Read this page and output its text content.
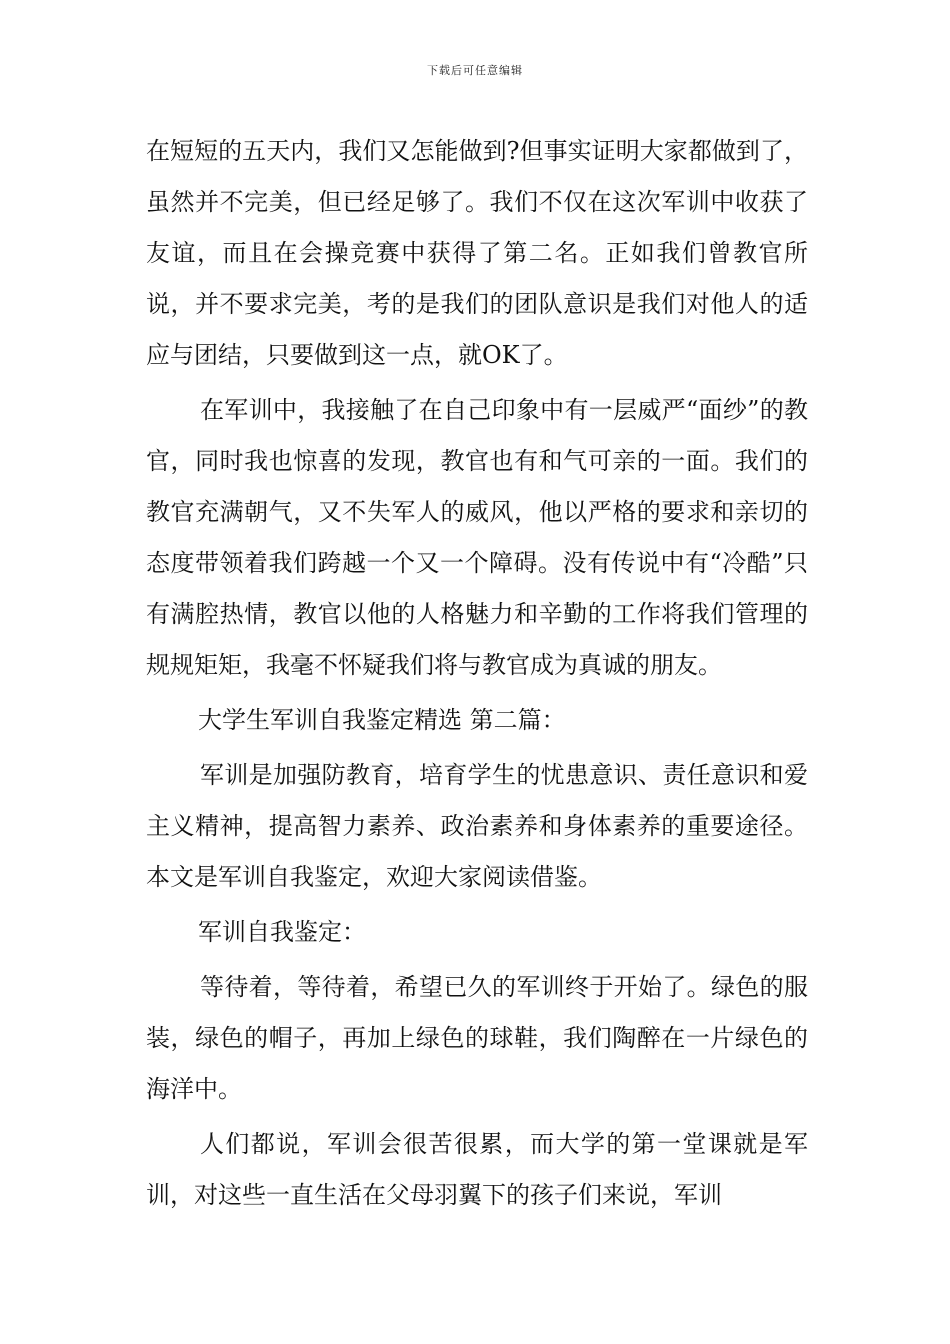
下载后可任意编辑

在短短的五天内，我们又怎能做到?但事实证明大家都做到了，虽然并不完美，但已经足够了。我们不仅在这次军训中收获了友谊，而且在会操竞赛中获得了第二名。正如我们曾教官所说，并不要求完美，考的是我们的团队意识是我们对他人的适应与团结，只要做到这一点，就OK了。

在军训中，我接触了在自己印象中有一层威严“面纱”的教官，同时我也惊喜的发现，教官也有和气可亲的一面。我们的教官充满朝气，又不失军人的威风，他以严格的要求和亲切的态度带领着我们跨越一个又一个障碍。没有传说中有“冷酷”只有满腔热情，教官以他的人格魅力和辛勤的工作将我们管理的规规矩矩，我毫不怀疑我们将与教官成为真诚的朋友。

大学生军训自我鉴定精选 第二篇：

军训是加强防教育，培育学生的忧患意识、责任意识和爱主义精神，提高智力素养、政治素养和身体素养的重要途径。本文是军训自我鉴定，欢迎大家阅读借鉴。

军训自我鉴定：

等待着，等待着，希望已久的军训终于开始了。绿色的服装，绿色的帽子，再加上绿色的球鞋，我们陶醉在一片绿色的海洋中。

人们都说，军训会很苦很累，而大学的第一堂课就是军训，对这些一直生活在父母羽翼下的孩子们来说，军训
